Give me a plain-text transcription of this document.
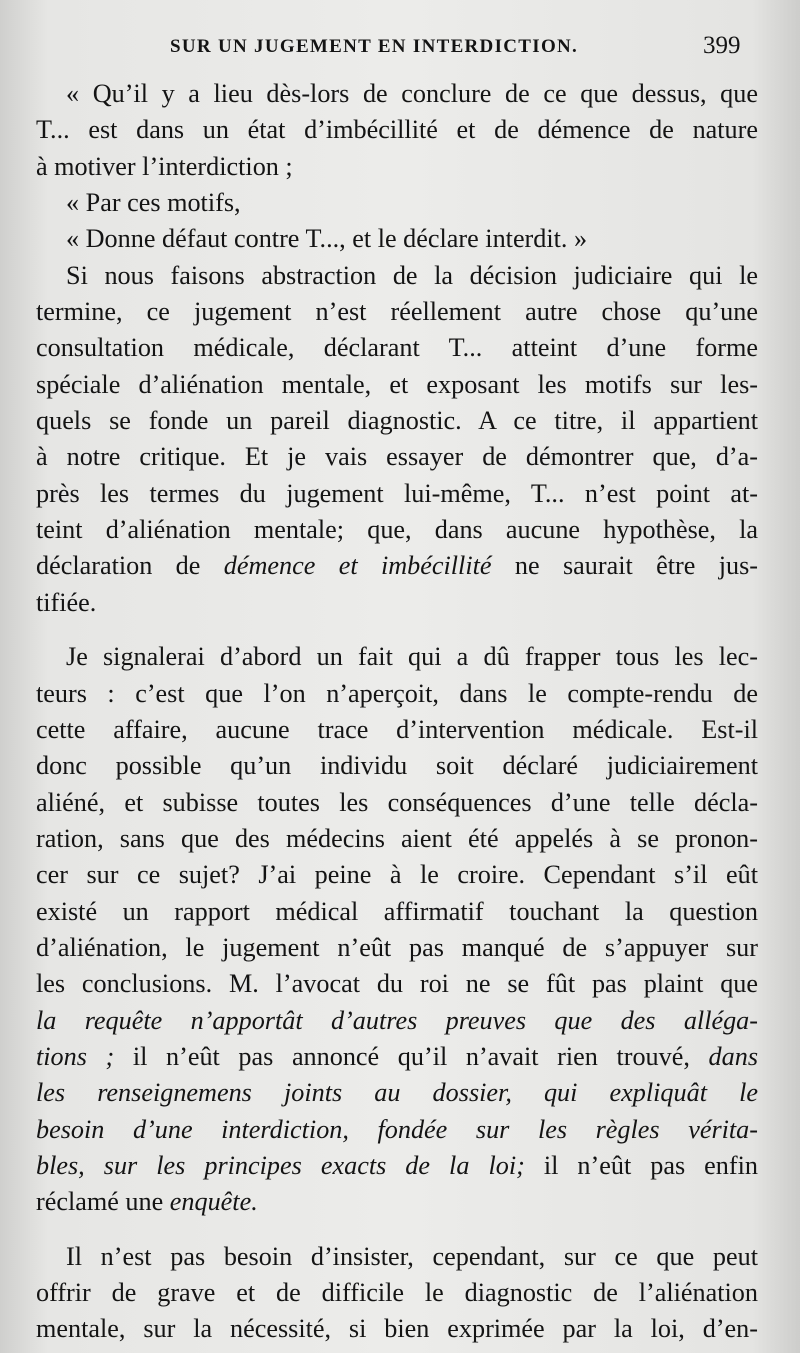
SUR UN JUGEMENT EN INTERDICTION.	399
« Qu’il y a lieu dès-lors de conclure de ce que dessus, que
T... est dans un état d’imbécillité et de démence de nature
à motiver l’interdiction ;
« Par ces motifs,
« Donne défaut contre T..., et le déclare interdit. »
Si nous faisons abstraction de la décision judiciaire qui le
termine, ce jugement n’est réellement autre chose qu’une
consultation médicale, déclarant T... atteint d’une forme
spéciale d’aliénation mentale, et exposant les motifs sur les-
quels se fonde un pareil diagnostic. A ce titre, il appartient
à notre critique. Et je vais essayer de démontrer que, d’a-
près les termes du jugement lui-même, T... n’est point at-
teint d’aliénation mentale; que, dans aucune hypothèse, la
déclaration de démence et imbécillité ne saurait être jus-
tifiée.
Je signalerai d’abord un fait qui a dû frapper tous les lec-
teurs : c’est que l’on n’aperçoit, dans le compte-rendu de
cette affaire, aucune trace d’intervention médicale. Est-il
donc possible qu’un individu soit déclaré judiciairement
aliéné, et subisse toutes les conséquences d’une telle décla-
ration, sans que des médecins aient été appelés à se pronon-
cer sur ce sujet? J’ai peine à le croire. Cependant s’il eût
existé un rapport médical affirmatif touchant la question
d’aliénation, le jugement n’eût pas manqué de s’appuyer sur
les conclusions. M. l’avocat du roi ne se fût pas plaint que
la requête n’apportât d’autres preuves que des alléga-
tions ; il n’eût pas annoncé qu’il n’avait rien trouvé, dans
les renseignemens joints au dossier, qui expliquât le
besoin d’une interdiction, fondée sur les règles vérita-
bles, sur les principes exacts de la loi; il n’eût pas enfin
réclamé une enquête.
Il n’est pas besoin d’insister, cependant, sur ce que peut
offrir de grave et de difficile le diagnostic de l’aliénation
mentale, sur la nécessité, si bien exprimée par la loi, d’en-
